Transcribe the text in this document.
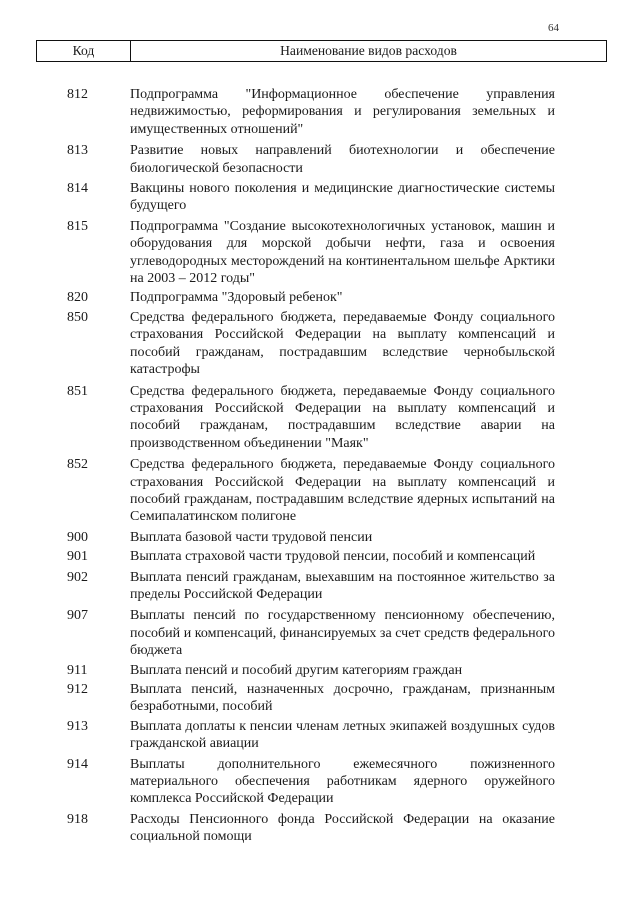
64
Код	Наименование видов расходов
812	Подпрограмма "Информационное обеспечение управления недвижимостью, реформирования и регулирования земельных и имущественных отношений"
813	Развитие новых направлений биотехнологии и обеспечение биологической безопасности
814	Вакцины нового поколения и медицинские диагностические системы будущего
815	Подпрограмма "Создание высокотехнологичных установок, машин и оборудования для морской добычи нефти, газа и освоения углеводородных месторождений на континентальном шельфе Арктики на 2003 – 2012 годы"
820	Подпрограмма "Здоровый ребенок"
850	Средства федерального бюджета, передаваемые Фонду социального страхования Российской Федерации на выплату компенсаций и пособий гражданам, пострадавшим вследствие чернобыльской катастрофы
851	Средства федерального бюджета, передаваемые Фонду социального страхования Российской Федерации на выплату компенсаций и пособий гражданам, пострадавшим вследствие аварии на производственном объединении "Маяк"
852	Средства федерального бюджета, передаваемые Фонду социального страхования Российской Федерации на выплату компенсаций и пособий гражданам, пострадавшим вследствие ядерных испытаний на Семипалатинском полигоне
900	Выплата базовой части трудовой пенсии
901	Выплата страховой части трудовой пенсии, пособий и компенсаций
902	Выплата пенсий гражданам, выехавшим на постоянное жительство за пределы Российской Федерации
907	Выплаты пенсий по государственному пенсионному обеспечению, пособий и компенсаций, финансируемых за счет средств федерального бюджета
911	Выплата пенсий и пособий другим категориям граждан
912	Выплата пенсий, назначенных досрочно, гражданам, признанным безработными, пособий
913	Выплата доплаты к пенсии членам летных экипажей воздушных судов гражданской авиации
914	Выплаты дополнительного ежемесячного пожизненного материального обеспечения работникам ядерного оружейного комплекса Российской Федерации
918	Расходы Пенсионного фонда Российской Федерации на оказание социальной помощи
